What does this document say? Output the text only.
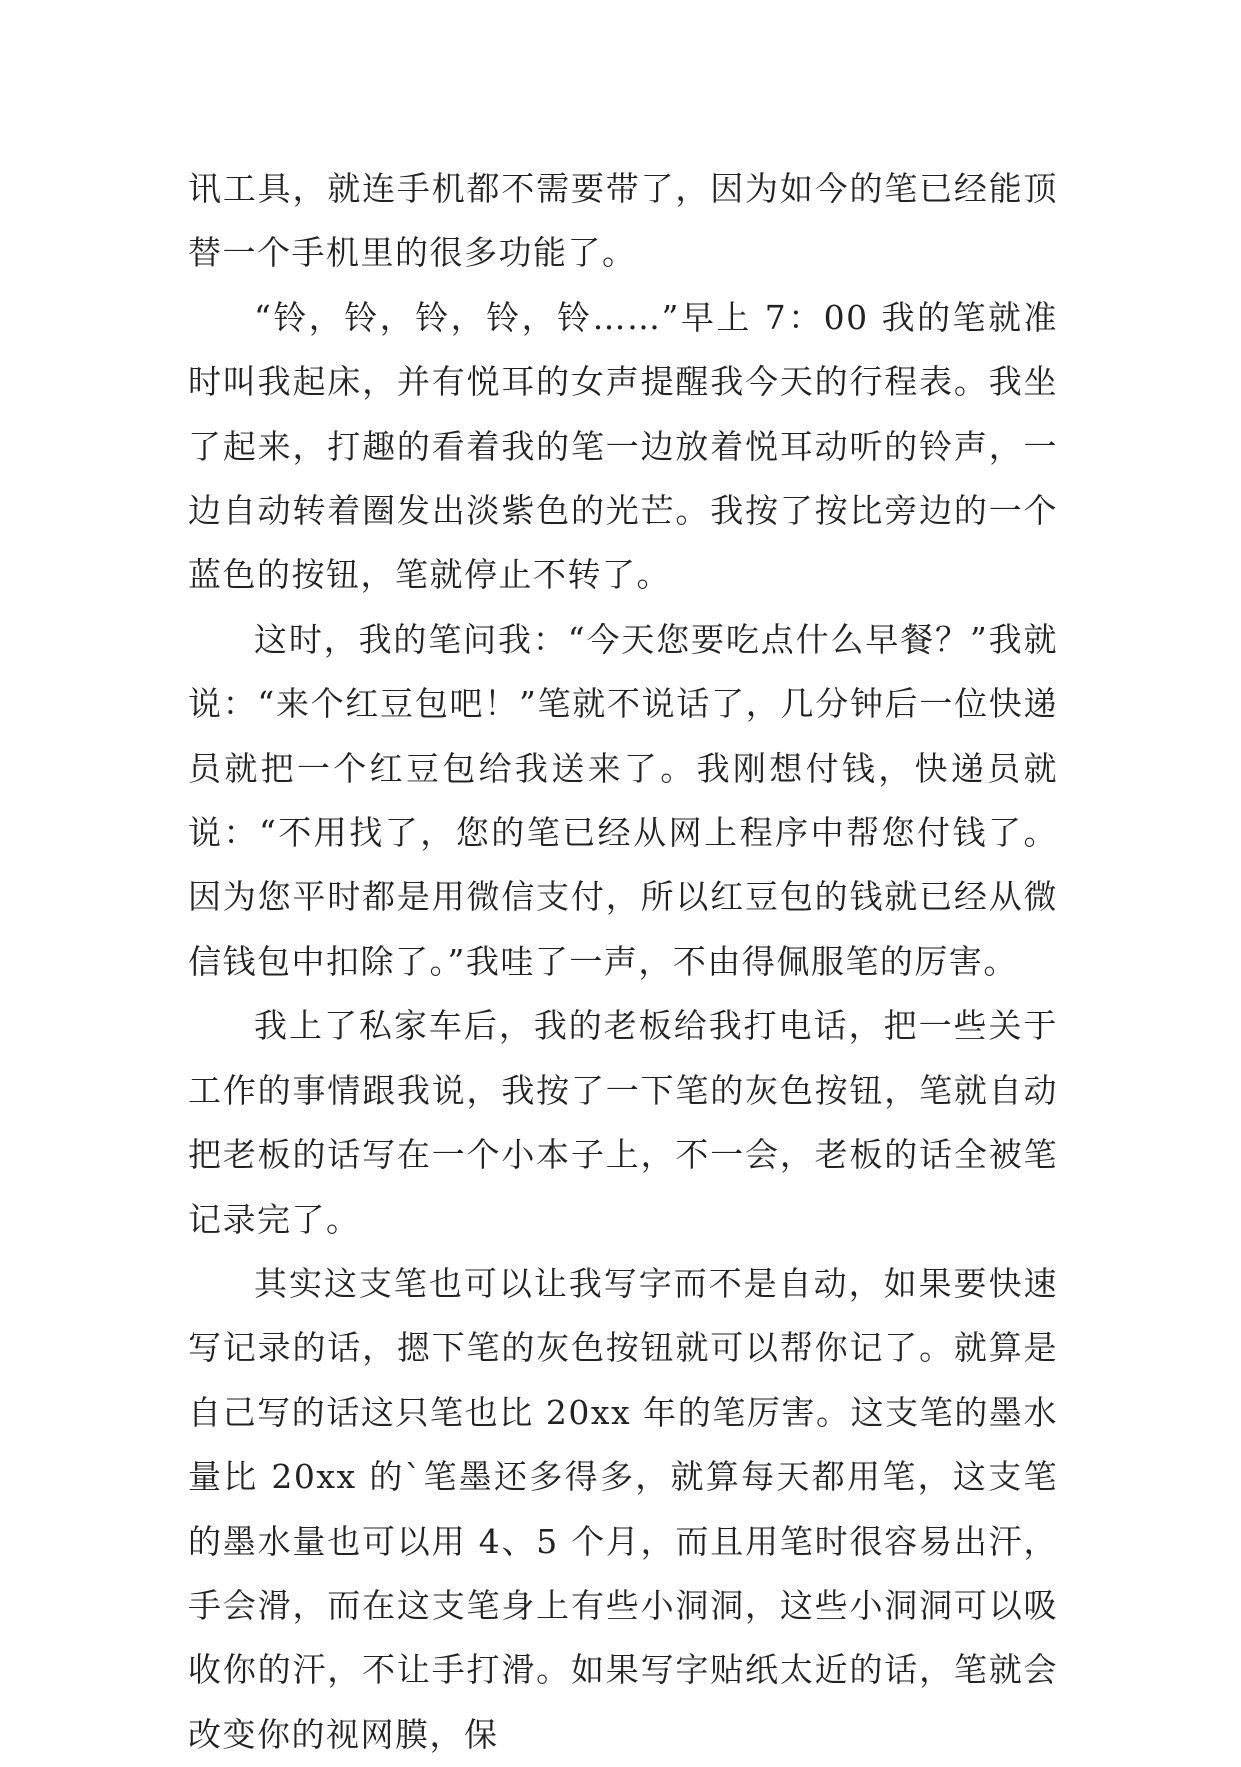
讯工具，就连手机都不需要带了，因为如今的笔已经能顶替一个手机里的很多功能了。

“铃，铃，铃，铃，铃……”早上 7：00 我的笔就准时叫我起床，并有悦耳的女声提醒我今天的行程表。我坐了起来，打趣的看着我的笔一边放着悦耳动听的铃声，一边自动转着圈发出淡紫色的光芒。我按了按比旁边的一个蓝色的按钮，笔就停止不转了。

这时，我的笔问我：“今天您要吃点什么早餐？”我就说：“来个红豆包吧！”笔就不说话了，几分钟后一位快递员就把一个红豆包给我送来了。我刚想付钱，快递员就说：“不用找了，您的笔已经从网上程序中帮您付钱了。因为您平时都是用微信支付，所以红豆包的钱就已经从微信钱包中扣除了。”我哇了一声，不由得佩服笔的厉害。

我上了私家车后，我的老板给我打电话，把一些关于工作的事情跟我说，我按了一下笔的灰色按钮，笔就自动把老板的话写在一个小本子上，不一会，老板的话全被笔记录完了。

其实这支笔也可以让我写字而不是自动，如果要快速写记录的话，摁下笔的灰色按钮就可以帮你记了。就算是自己写的话这只笔也比 20xx 年的笔厉害。这支笔的墨水量比 20xx 的`笔墨还多得多，就算每天都用笔，这支笔的墨水量也可以用 4、5 个月，而且用笔时很容易出汗，手会滑，而在这支笔身上有些小洞洞，这些小洞洞可以吸收你的汗，不让手打滑。如果写字贴纸太近的话，笔就会改变你的视网膜，保
